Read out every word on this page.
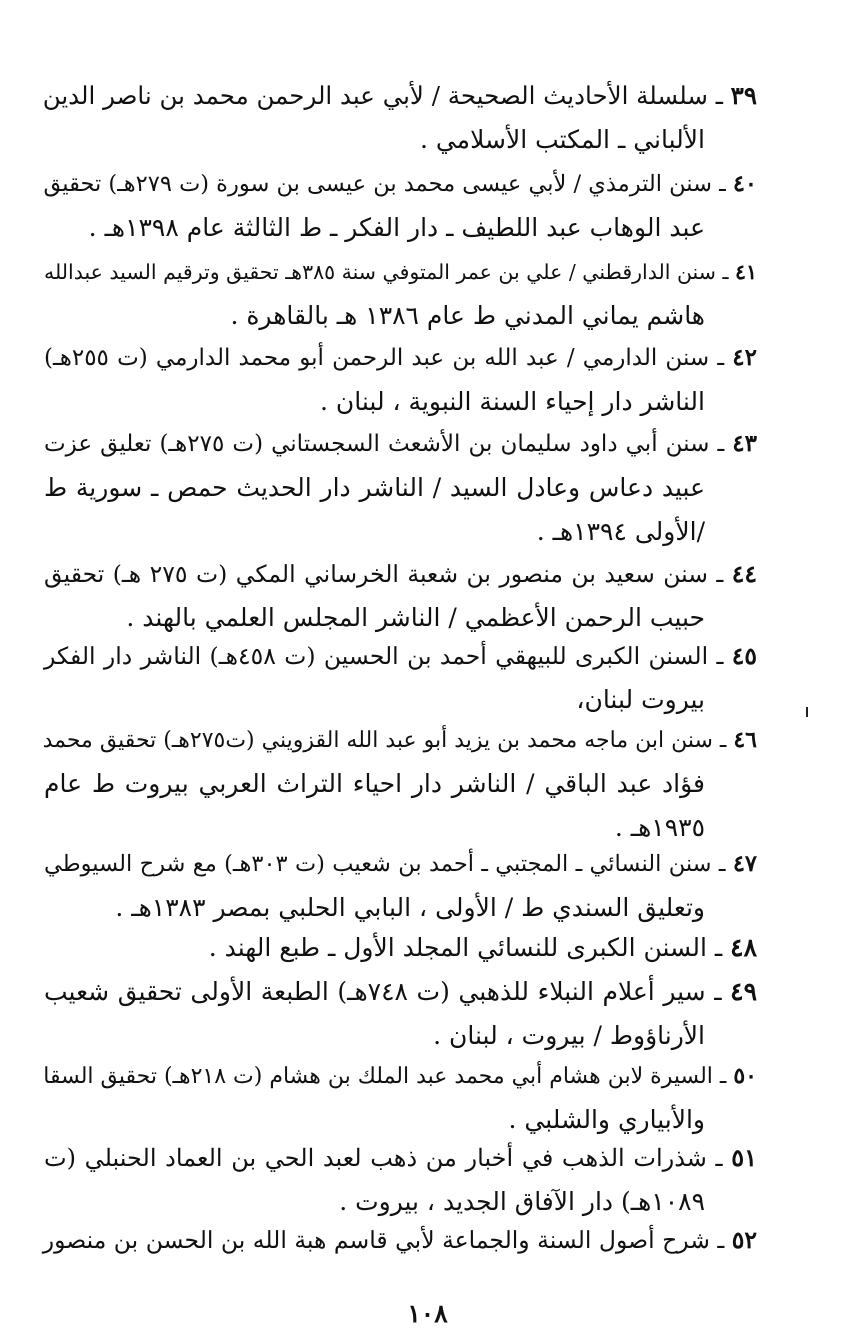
٣٩ ـ سلسلة الأحاديث الصحيحة / لأبي عبد الرحمن محمد بن ناصر الدين
الألباني ـ المكتب الأسلامي .
٤٠ ـ سنن الترمذي / لأبي عيسى محمد بن عيسى بن سورة (ت ٢٧٩هـ) تحقيق
عبد الوهاب عبد اللطيف ـ دار الفكر ـ ط الثالثة عام ١٣٩٨هـ .
٤١ ـ سنن الدارقطني / علي بن عمر المتوفي سنة ٣٨٥هـ تحقيق وترقيم السيد عبدالله
هاشم يماني المدني ط عام ١٣٨٦ هـ بالقاهرة .
٤٢ ـ سنن الدارمي / عبد الله بن عبد الرحمن أبو محمد الدارمي (ت ٢٥٥هـ)
الناشر دار إحياء السنة النبوية ، لبنان .
٤٣ ـ سنن أبي داود سليمان بن الأشعث السجستاني (ت ٢٧٥هـ) تعليق عزت
عبيد دعاس وعادل السيد / الناشر دار الحديث حمص ـ سورية ط
/الأولى ١٣٩٤هـ .
٤٤ ـ سنن سعيد بن منصور بن شعبة الخرساني المكي (ت ٢٧٥ هـ) تحقيق
حبيب الرحمن الأعظمي / الناشر المجلس العلمي بالهند .
٤٥ ـ السنن الكبرى للبيهقي أحمد بن الحسين (ت ٤٥٨هـ) الناشر دار الفكر
بيروت لبنان،
٤٦ ـ سنن ابن ماجه محمد بن يزيد أبو عبد الله القزويني (ت٢٧٥هـ) تحقيق محمد
فؤاد عبد الباقي / الناشر دار احياء التراث العربي بيروت ط عام
١٩٣٥هـ .
٤٧ ـ سنن النسائي ـ المجتبي ـ أحمد بن شعيب (ت ٣٠٣هـ) مع شرح السيوطي
وتعليق السندي ط / الأولى ، البابي الحلبي بمصر ١٣٨٣هـ .
٤٨ ـ السنن الكبرى للنسائي المجلد الأول ـ طبع الهند .
٤٩ ـ سير أعلام النبلاء للذهبي (ت ٧٤٨هـ) الطبعة الأولى تحقيق شعيب
الأرناؤوط / بيروت ، لبنان .
٥٠ ـ السيرة لابن هشام أبي محمد عبد الملك بن هشام (ت ٢١٨هـ) تحقيق السقا
والأبياري والشلبي .
٥١ ـ شذرات الذهب في أخبار من ذهب لعبد الحي بن العماد الحنبلي (ت
١٠٨٩هـ) دار الآفاق الجديد ، بيروت .
٥٢ ـ شرح أصول السنة والجماعة لأبي قاسم هبة الله بن الحسن بن منصور
١٠٨
